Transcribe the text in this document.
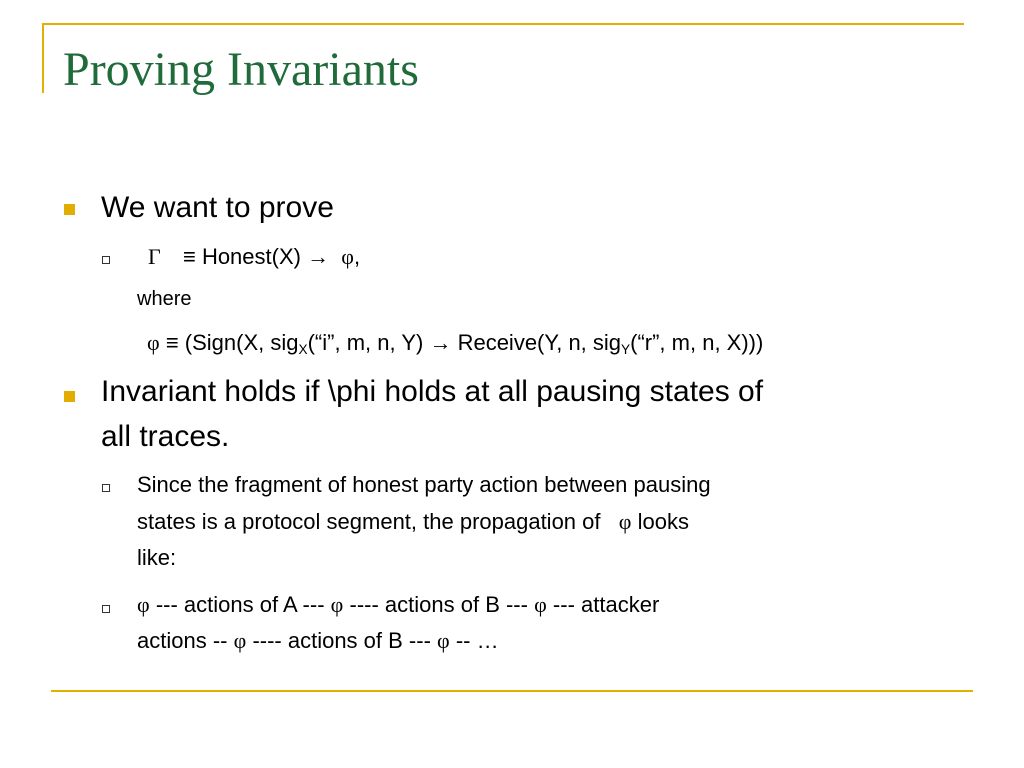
Proving Invariants
We want to prove
Γ ≡ Honest(X) → φ,
where
φ ≡ (Sign(X, sig$_X$(“i”, m, n, Y) → Receive(Y, n, sig$_Y$(“r”, m, n, X)))
Invariant holds if \phi holds at all pausing states of
all traces.
Since the fragment of honest party action between pausing
states is a protocol segment, the propagation of φ looks
like:
φ --- actions of A --- φ ---- actions of B --- φ --- attacker
actions -- φ ---- actions of B --- φ -- …
